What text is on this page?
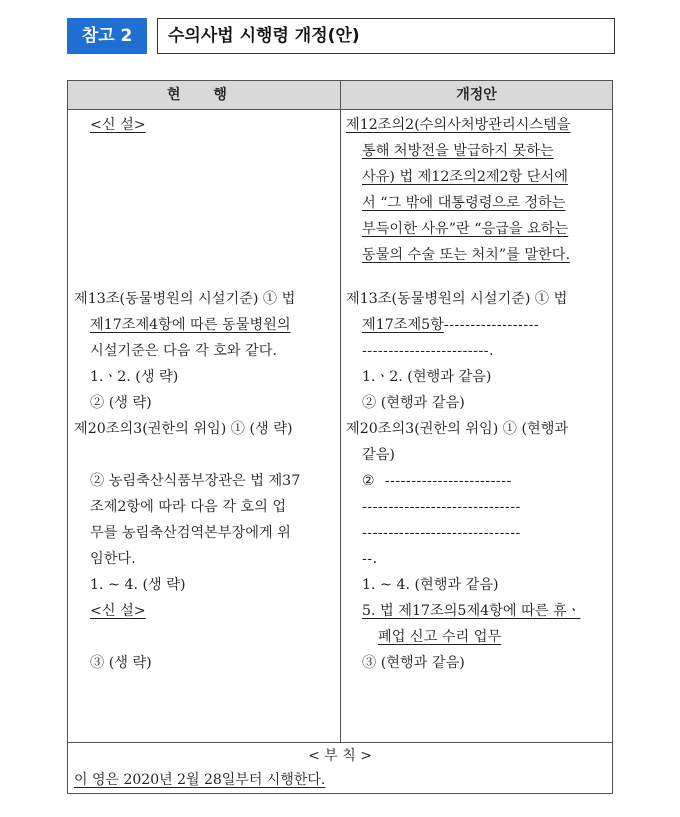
참고 2	수의사법 시행령 개정(안)
현 행	개정안
<신 설>
제13조(동물병원의 시설기준) ① 법
제17조제4항에 따른 동물병원의
시설기준은 다음 각 호와 같다.
1.ㆍ2. (생 략)
② (생 략)
제20조의3(권한의 위임) ① (생 략)
② 농림축산식품부장관은 법 제37
조제2항에 따라 다음 각 호의 업
무를 농림축산검역본부장에게 위
임한다.
1. ~ 4. (생 략)
<신 설>
③ (생 략)
제12조의2(수의사처방관리시스템을
통해 처방전을 발급하지 못하는
사유) 법 제12조의2제2항 단서에
서 “그 밖에 대통령령으로 정하는
부득이한 사유”란 “응급을 요하는
동물의 수술 또는 처치”를 말한다.
제13조(동물병원의 시설기준) ① 법
제17조제5항------------------
------------------------.
1.ㆍ2. (현행과 같음)
② (현행과 같음)
제20조의3(권한의 위임) ① (현행과
같음)
② ------------------------
------------------------------
------------------------------
--.
1. ~ 4. (현행과 같음)
5. 법 제17조의5제4항에 따른 휴ㆍ
폐업 신고 수리 업무
③ (현행과 같음)
< 부 칙 >
이 영은 2020년 2월 28일부터 시행한다.
